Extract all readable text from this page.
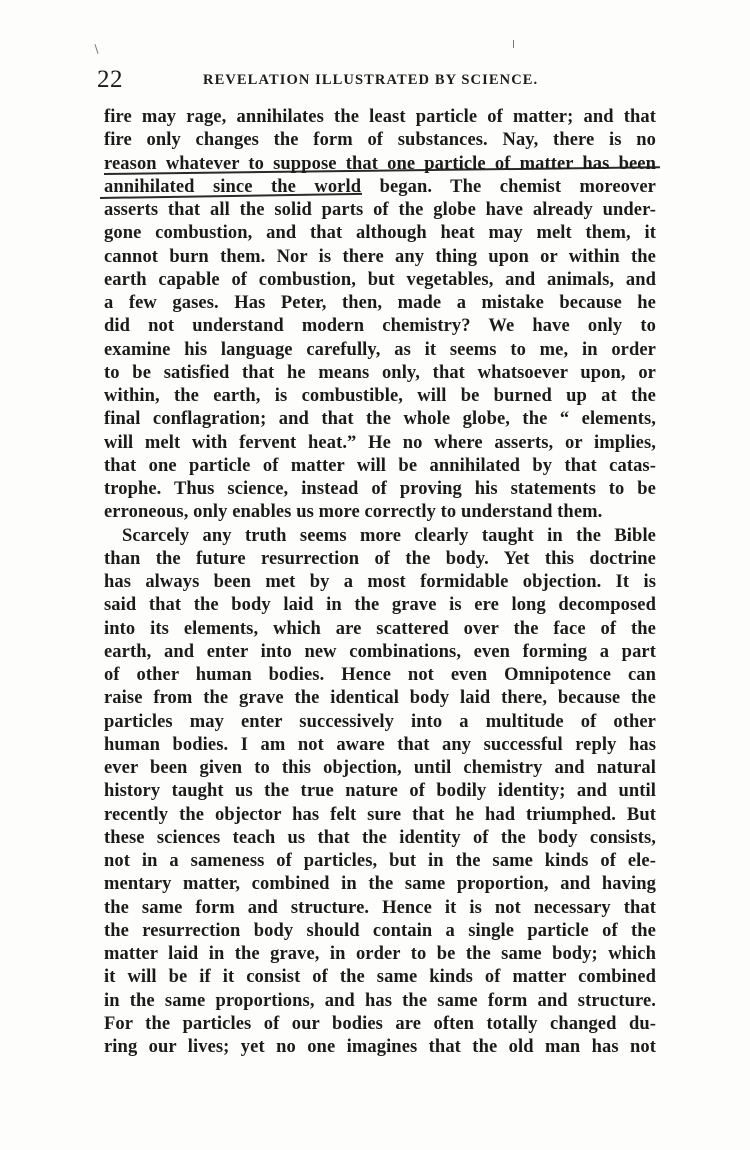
22	REVELATION ILLUSTRATED BY SCIENCE.
fire may rage, annihilates the least particle of matter; and that
fire only changes the form of substances. Nay, there is no
reason whatever to suppose that one particle of matter has been
annihilated since the world began. The chemist moreover
asserts that all the solid parts of the globe have already under-
gone combustion, and that although heat may melt them, it
cannot burn them. Nor is there any thing upon or within the
earth capable of combustion, but vegetables, and animals, and
a few gases. Has Peter, then, made a mistake because he
did not understand modern chemistry? We have only to
examine his language carefully, as it seems to me, in order
to be satisfied that he means only, that whatsoever upon, or
within, the earth, is combustible, will be burned up at the
final conflagration; and that the whole globe, the “ elements,
will melt with fervent heat.” He no where asserts, or implies,
that one particle of matter will be annihilated by that catas-
trophe. Thus science, instead of proving his statements to be
erroneous, only enables us more correctly to understand them.
Scarcely any truth seems more clearly taught in the Bible
than the future resurrection of the body. Yet this doctrine
has always been met by a most formidable objection. It is
said that the body laid in the grave is ere long decomposed
into its elements, which are scattered over the face of the
earth, and enter into new combinations, even forming a part
of other human bodies. Hence not even Omnipotence can
raise from the grave the identical body laid there, because the
particles may enter successively into a multitude of other
human bodies. I am not aware that any successful reply has
ever been given to this objection, until chemistry and natural
history taught us the true nature of bodily identity; and until
recently the objector has felt sure that he had triumphed. But
these sciences teach us that the identity of the body consists,
not in a sameness of particles, but in the same kinds of ele-
mentary matter, combined in the same proportion, and having
the same form and structure. Hence it is not necessary that
the resurrection body should contain a single particle of the
matter laid in the grave, in order to be the same body; which
it will be if it consist of the same kinds of matter combined
in the same proportions, and has the same form and structure.
For the particles of our bodies are often totally changed du-
ring our lives; yet no one imagines that the old man has not
